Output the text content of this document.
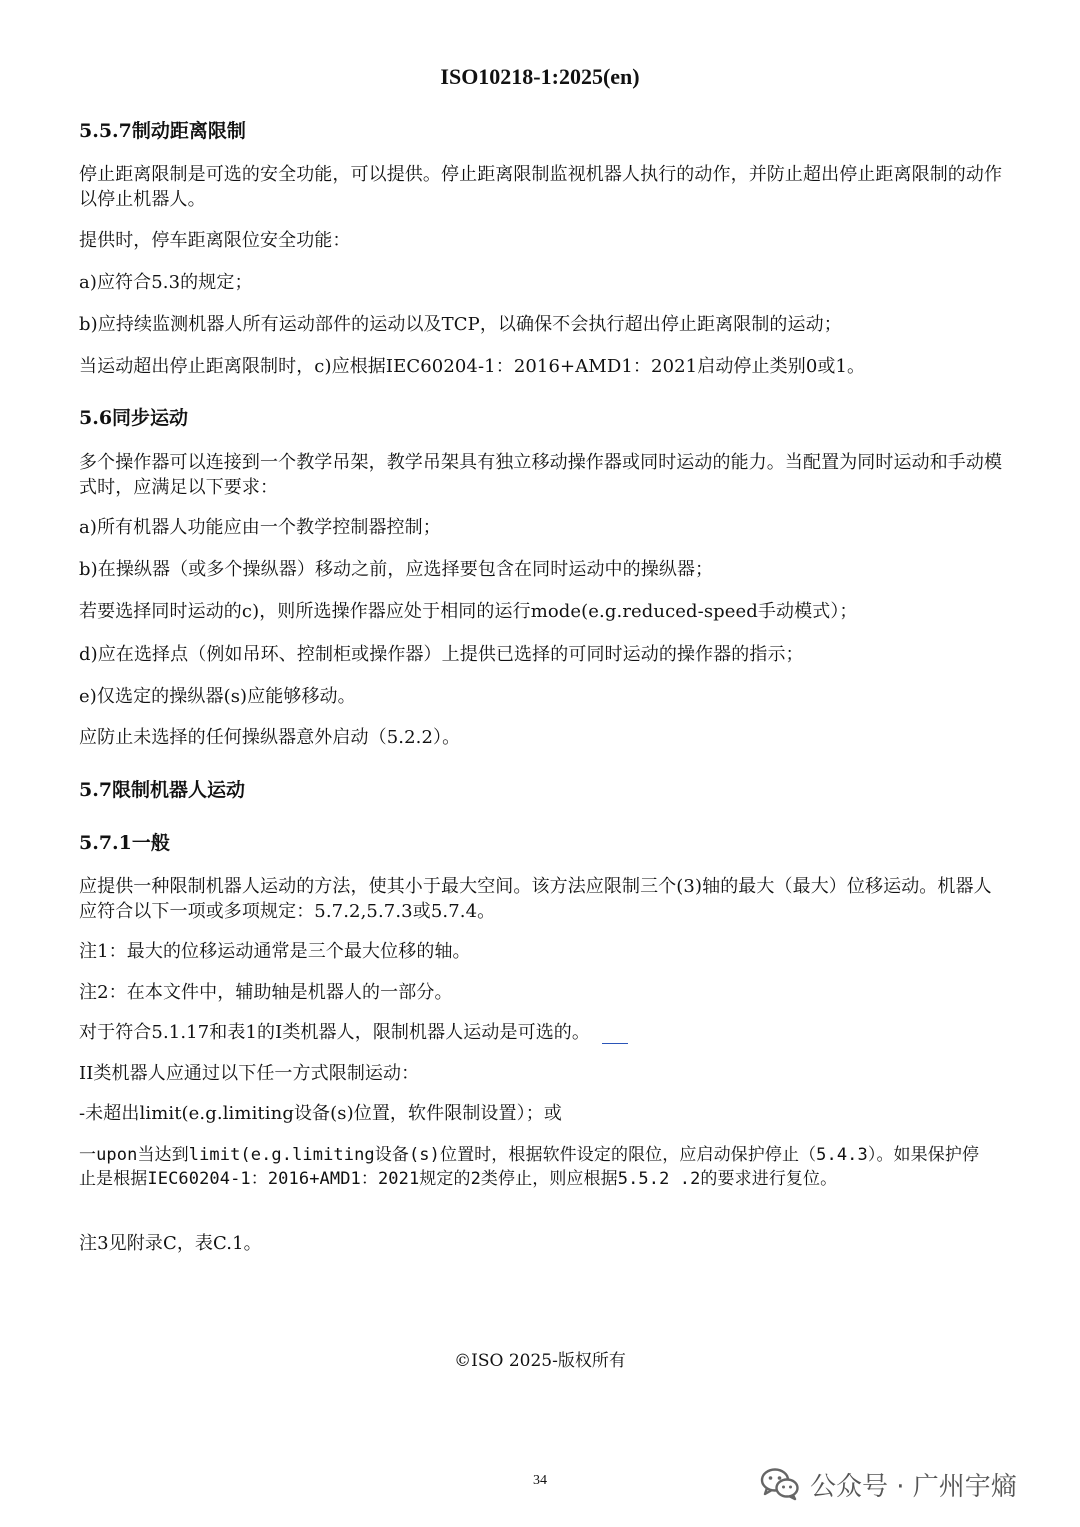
ISO10218-1:2025(en)
5.5.7制动距离限制
停止距离限制是可选的安全功能，可以提供。停止距离限制监视机器人执行的动作，并防止超出停止距离限制的动作以停止机器人。
提供时，停车距离限位安全功能：
a)应符合5.3的规定；
b)应持续监测机器人所有运动部件的运动以及TCP，以确保不会执行超出停止距离限制的运动；
当运动超出停止距离限制时，c)应根据IEC60204-1：2016+AMD1：2021启动停止类别0或1。
5.6同步运动
多个操作器可以连接到一个教学吊架，教学吊架具有独立移动操作器或同时运动的能力。当配置为同时运动和手动模式时，应满足以下要求：
a)所有机器人功能应由一个教学控制器控制；
b)在操纵器（或多个操纵器）移动之前，应选择要包含在同时运动中的操纵器；
若要选择同时运动的c)，则所选操作器应处于相同的运行mode(e.g.reduced-speed手动模式）；
d)应在选择点（例如吊环、控制柜或操作器）上提供已选择的可同时运动的操作器的指示；
e)仅选定的操纵器(s)应能够移动。
应防止未选择的任何操纵器意外启动（5.2.2）。
5.7限制机器人运动
5.7.1一般
应提供一种限制机器人运动的方法，使其小于最大空间。该方法应限制三个(3)轴的最大（最大）位移运动。机器人应符合以下一项或多项规定：5.7.2,5.7.3或5.7.4。
注1：最大的位移运动通常是三个最大位移的轴。
注2：在本文件中，辅助轴是机器人的一部分。
对于符合5.1.17和表1的I类机器人，限制机器人运动是可选的。
II类机器人应通过以下任一方式限制运动：
-未超出limit(e.g.limiting设备(s)位置，软件限制设置）；或
一upon当达到limit(e.g.limiting设备(s)位置时，根据软件设定的限位，应启动保护停止（5.4.3）。如果保护停止是根据IEC60204-1：2016+AMD1：2021规定的2类停止，则应根据5.5.2 .2的要求进行复位。
注3见附录C，表C.1。
©ISO 2025-版权所有
34	公众号 · 广州宇熵
